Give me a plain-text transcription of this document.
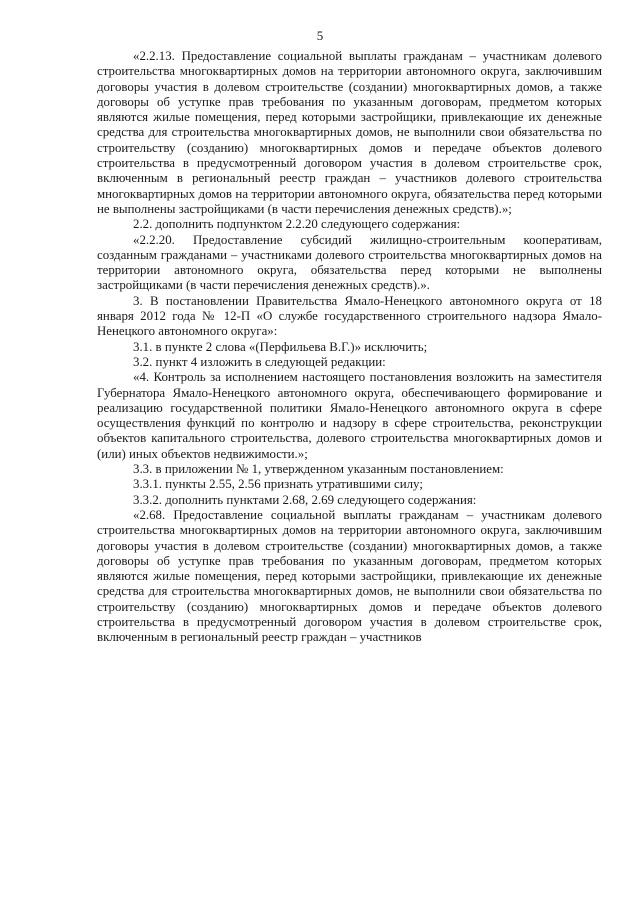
5

«2.2.13. Предоставление социальной выплаты гражданам – участникам долевого строительства многоквартирных домов на территории автономного округа, заключившим договоры участия в долевом строительстве (создании) многоквартирных домов, а также договоры об уступке прав требования по указанным договорам, предметом которых являются жилые помещения, перед которыми застройщики, привлекающие их денежные средства для строительства многоквартирных домов, не выполнили свои обязательства по строительству (созданию) многоквартирных домов и передаче объектов долевого строительства в предусмотренный договором участия в долевом строительстве срок, включенным в региональный реестр граждан – участников долевого строительства многоквартирных домов на территории автономного округа, обязательства перед которыми не выполнены застройщиками (в части перечисления денежных средств).»;

2.2. дополнить подпунктом 2.2.20 следующего содержания:

«2.2.20. Предоставление субсидий жилищно-строительным кооперативам, созданным гражданами – участниками долевого строительства многоквартирных домов на территории автономного округа, обязательства перед которыми не выполнены застройщиками (в части перечисления денежных средств).».

3. В постановлении Правительства Ямало-Ненецкого автономного округа от 18 января 2012 года № 12-П «О службе государственного строительного надзора Ямало-Ненецкого автономного округа»:

3.1. в пункте 2 слова «(Перфильева В.Г.)» исключить;

3.2. пункт 4 изложить в следующей редакции:

«4. Контроль за исполнением настоящего постановления возложить на заместителя Губернатора Ямало-Ненецкого автономного округа, обеспечивающего формирование и реализацию государственной политики Ямало-Ненецкого автономного округа в сфере осуществления функций по контролю и надзору в сфере строительства, реконструкции объектов капитального строительства, долевого строительства многоквартирных домов и (или) иных объектов недвижимости.»;

3.3. в приложении № 1, утвержденном указанным постановлением:

3.3.1. пункты 2.55, 2.56 признать утратившими силу;

3.3.2. дополнить пунктами 2.68, 2.69 следующего содержания:

«2.68. Предоставление социальной выплаты гражданам – участникам долевого строительства многоквартирных домов на территории автономного округа, заключившим договоры участия в долевом строительстве (создании) многоквартирных домов, а также договоры об уступке прав требования по указанным договорам, предметом которых являются жилые помещения, перед которыми застройщики, привлекающие их денежные средства для строительства многоквартирных домов, не выполнили свои обязательства по строительству (созданию) многоквартирных домов и передаче объектов долевого строительства в предусмотренный договором участия в долевом строительстве срок, включенным в региональный реестр граждан – участников
